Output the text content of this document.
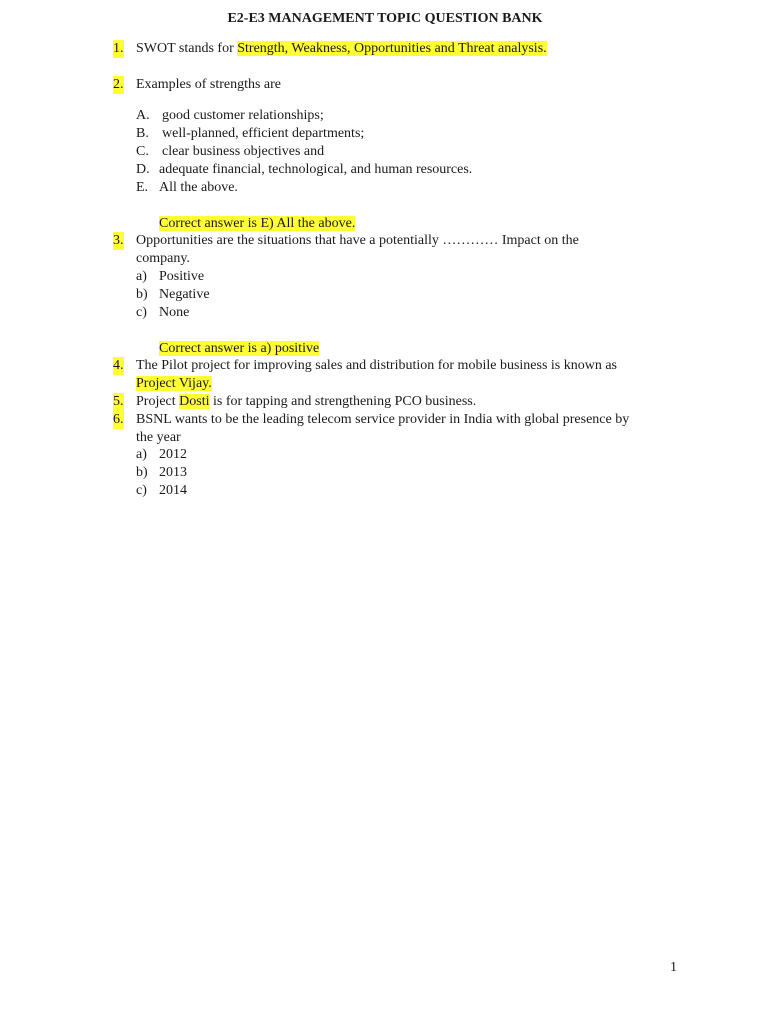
E2-E3 MANAGEMENT TOPIC QUESTION BANK
1. SWOT stands for Strength, Weakness, Opportunities and Threat analysis.
2. Examples of strengths are
A. good customer relationships;
B. well-planned, efficient departments;
C. clear business objectives and
D. adequate financial, technological, and human resources.
E. All the above.
Correct answer is E) All the above.
3. Opportunities are the situations that have a potentially ………… Impact on the
company.
a) Positive
b) Negative
c) None
Correct answer is a) positive
4. The Pilot project for improving sales and distribution for mobile business is known as
Project Vijay.
5. Project Dosti is for tapping and strengthening PCO business.
6. BSNL wants to be the leading telecom service provider in India with global presence by
the year
a) 2012
b) 2013
c) 2014
1
